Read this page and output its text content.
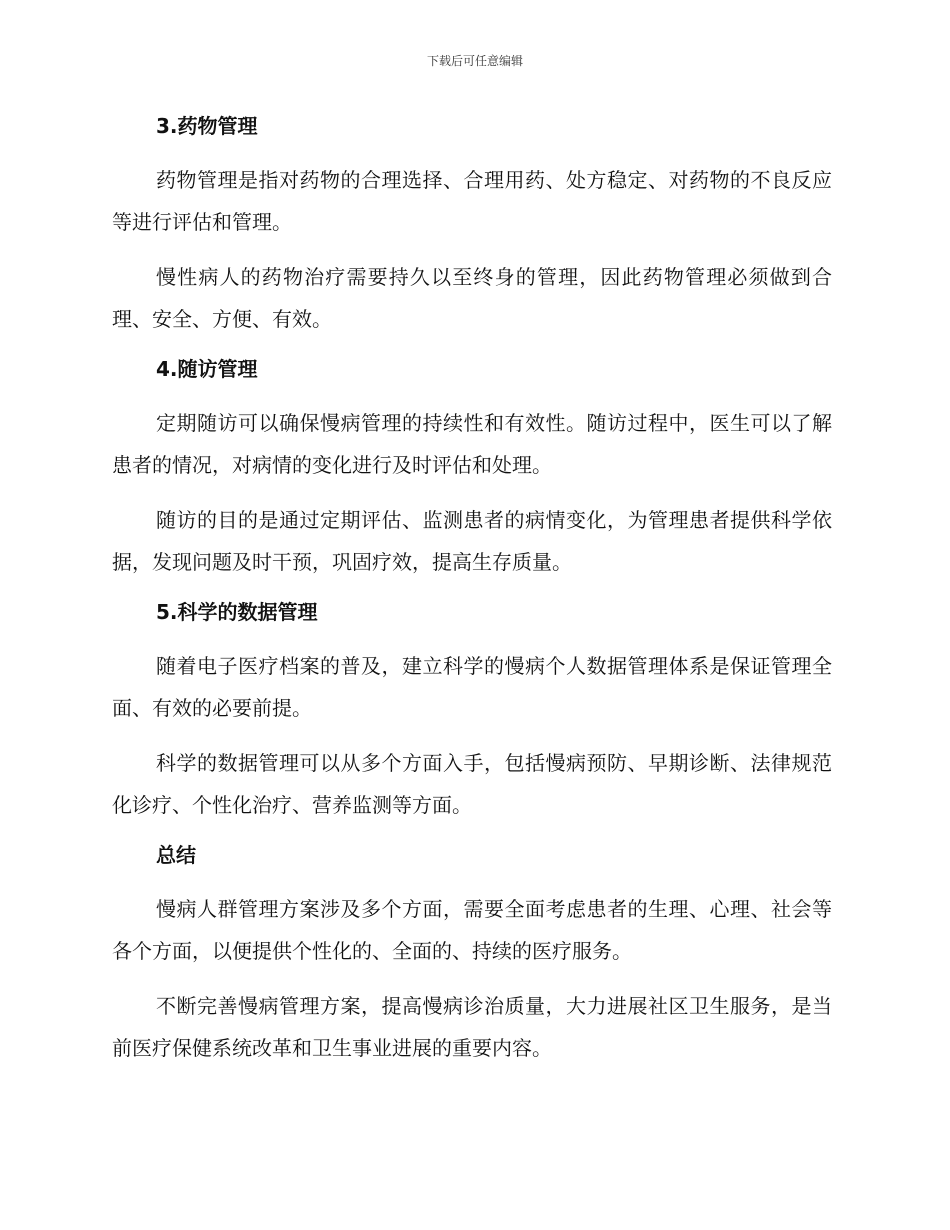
下载后可任意编辑
3.药物管理

药物管理是指对药物的合理选择、合理用药、处方稳定、对药物的不良反应等进行评估和管理。

慢性病人的药物治疗需要持久以至终身的管理，因此药物管理必须做到合理、安全、方便、有效。

4.随访管理

定期随访可以确保慢病管理的持续性和有效性。随访过程中，医生可以了解患者的情况，对病情的变化进行及时评估和处理。

随访的目的是通过定期评估、监测患者的病情变化，为管理患者提供科学依据，发现问题及时干预，巩固疗效，提高生存质量。

5.科学的数据管理

随着电子医疗档案的普及，建立科学的慢病个人数据管理体系是保证管理全面、有效的必要前提。

科学的数据管理可以从多个方面入手，包括慢病预防、早期诊断、法律规范化诊疗、个性化治疗、营养监测等方面。

总结

慢病人群管理方案涉及多个方面，需要全面考虑患者的生理、心理、社会等各个方面，以便提供个性化的、全面的、持续的医疗服务。

不断完善慢病管理方案，提高慢病诊治质量，大力进展社区卫生服务，是当前医疗保健系统改革和卫生事业进展的重要内容。
